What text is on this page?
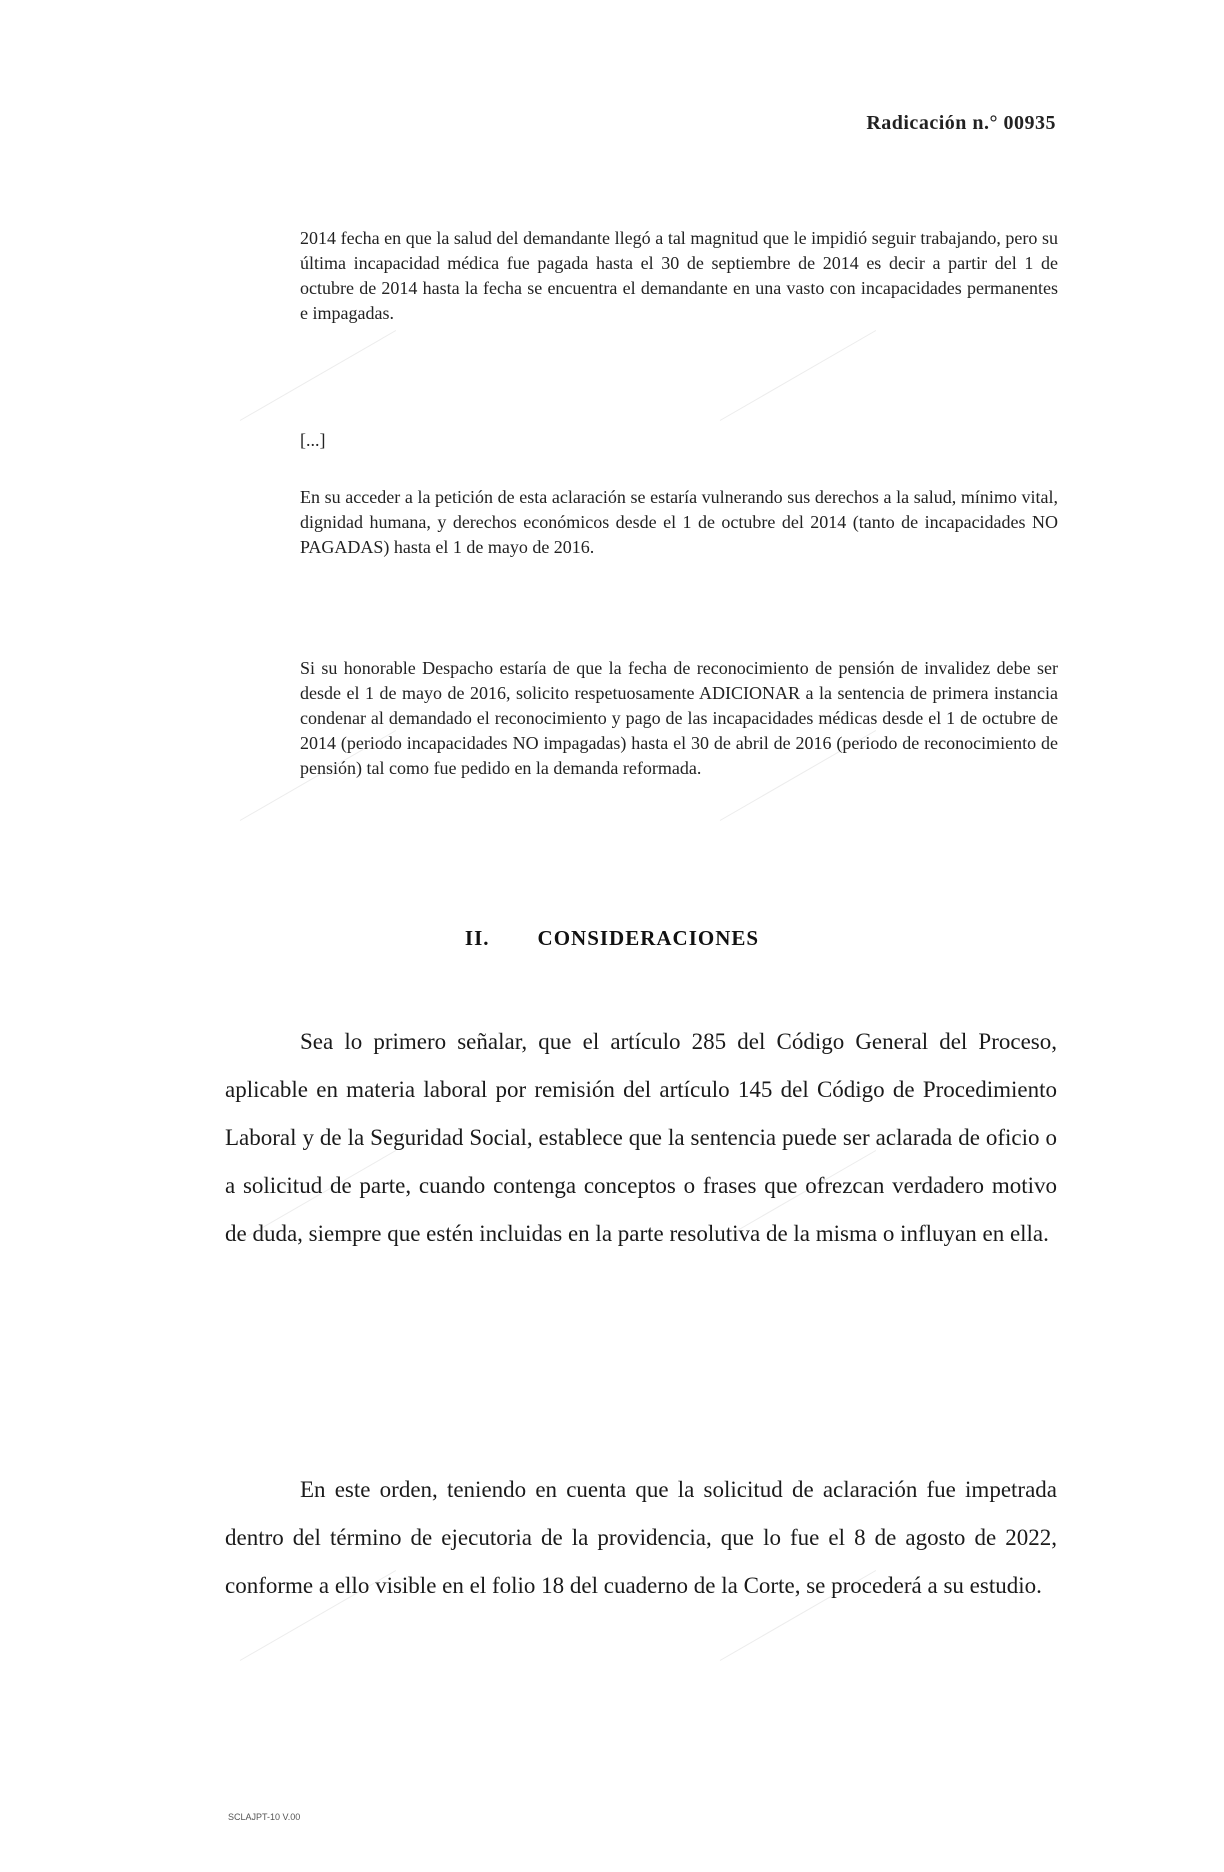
Radicación n.° 00935

2014 fecha en que la salud del demandante llegó a tal magnitud que le impidió seguir trabajando, pero su última incapacidad médica fue pagada hasta el 30 de septiembre de 2014 es decir a partir del 1 de octubre de 2014 hasta la fecha se encuentra el demandante en una vasto con incapacidades permanentes e impagadas.

[...]

En su acceder a la petición de esta aclaración se estaría vulnerando sus derechos a la salud, mínimo vital, dignidad humana, y derechos económicos desde el 1 de octubre del 2014 (tanto de incapacidades NO PAGADAS) hasta el 1 de mayo de 2016.

Si su honorable Despacho estaría de que la fecha de reconocimiento de pensión de invalidez debe ser desde el 1 de mayo de 2016, solicito respetuosamente ADICIONAR a la sentencia de primera instancia condenar al demandado el reconocimiento y pago de las incapacidades médicas desde el 1 de octubre de 2014 (periodo incapacidades NO impagadas) hasta el 30 de abril de 2016 (periodo de reconocimiento de pensión) tal como fue pedido en la demanda reformada.

II. CONSIDERACIONES

Sea lo primero señalar, que el artículo 285 del Código General del Proceso, aplicable en materia laboral por remisión del artículo 145 del Código de Procedimiento Laboral y de la Seguridad Social, establece que la sentencia puede ser aclarada de oficio o a solicitud de parte, cuando contenga conceptos o frases que ofrezcan verdadero motivo de duda, siempre que estén incluidas en la parte resolutiva de la misma o influyan en ella.

En este orden, teniendo en cuenta que la solicitud de aclaración fue impetrada dentro del término de ejecutoria de la providencia, que lo fue el 8 de agosto de 2022, conforme a ello visible en el folio 18 del cuaderno de la Corte, se procederá a su estudio.

SCLAJPT-10 V.00
